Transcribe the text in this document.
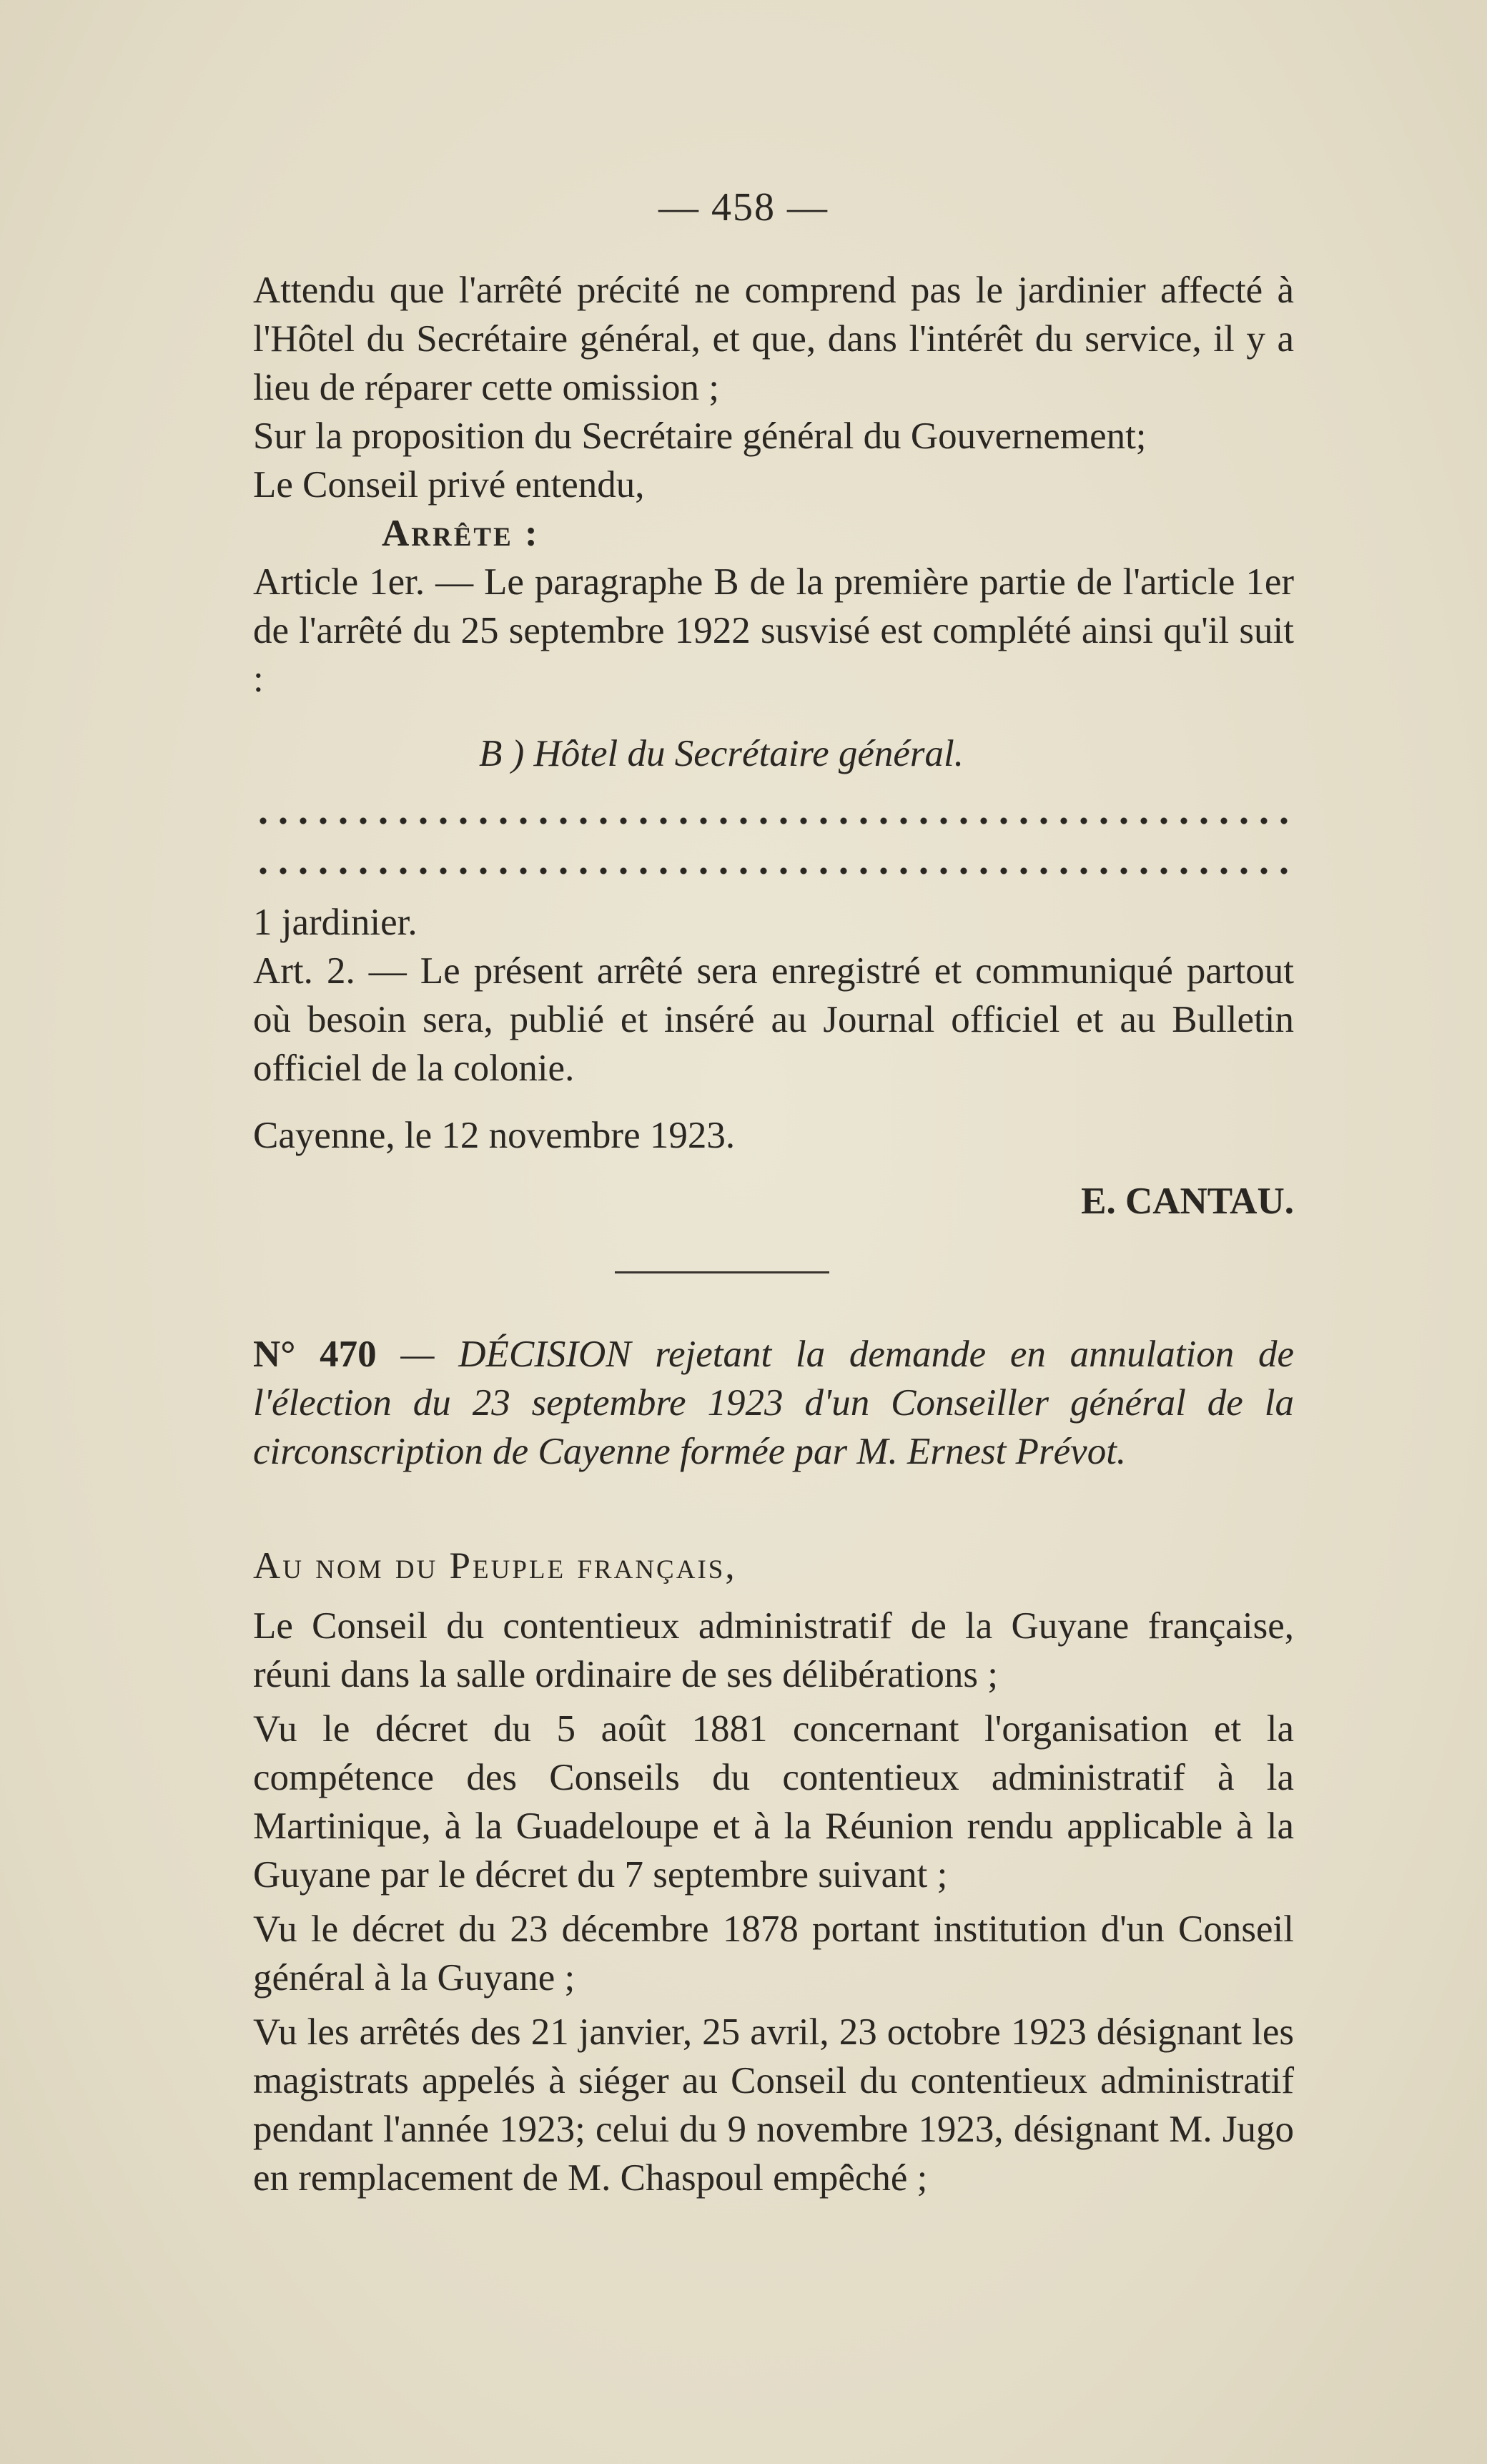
— 458 —

Attendu que l'arrêté précité ne comprend pas le jardinier affecté à l'Hôtel du Secrétaire général, et que, dans l'intérêt du service, il y a lieu de réparer cette omission ;

Sur la proposition du Secrétaire général du Gouvernement;

Le Conseil privé entendu,

Arrête :

Article 1er. — Le paragraphe B de la première partie de l'article 1er de l'arrêté du 25 septembre 1922 susvisé est complété ainsi qu'il suit :

B ) Hôtel du Secrétaire général.

1 jardinier.

Art. 2. — Le présent arrêté sera enregistré et communiqué partout où besoin sera, publié et inséré au Journal officiel et au Bulletin officiel de la colonie.

Cayenne, le 12 novembre 1923.

E. CANTAU.

N° 470 — DÉCISION rejetant la demande en annulation de l'élection du 23 septembre 1923 d'un Conseiller général de la circonscription de Cayenne formée par M. Ernest Prévot.

Au nom du Peuple français,

Le Conseil du contentieux administratif de la Guyane française, réuni dans la salle ordinaire de ses délibérations ;

Vu le décret du 5 août 1881 concernant l'organisation et la compétence des Conseils du contentieux administratif à la Martinique, à la Guadeloupe et à la Réunion rendu applicable à la Guyane par le décret du 7 septembre suivant ;

Vu le décret du 23 décembre 1878 portant institution d'un Conseil général à la Guyane ;

Vu les arrêtés des 21 janvier, 25 avril, 23 octobre 1923 désignant les magistrats appelés à siéger au Conseil du contentieux administratif pendant l'année 1923; celui du 9 novembre 1923, désignant M. Jugo en remplacement de M. Chaspoul empêché ;
